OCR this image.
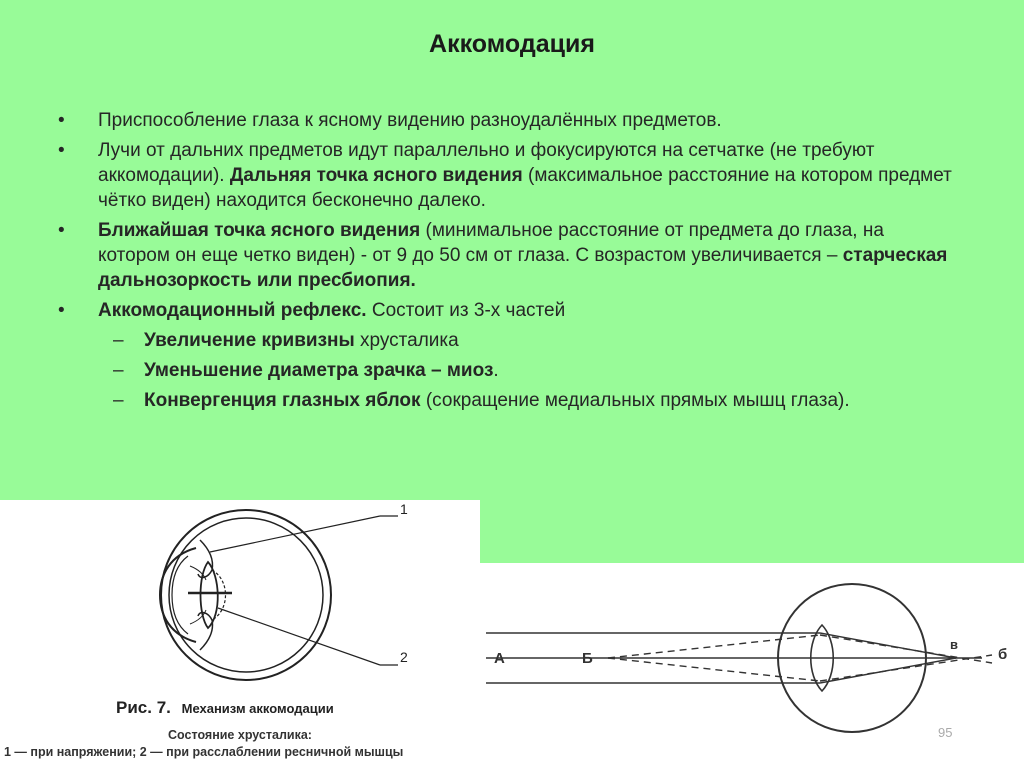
Аккомодация
•	Приспособление глаза к ясному видению разноудалённых предметов.
•	Лучи от дальних предметов идут параллельно и фокусируются на сетчатке (не требуют аккомодации). Дальняя точка ясного видения (максимальное расстояние на котором предмет чётко виден) находится бесконечно далеко.
•	Ближайшая точка ясного видения (минимальное расстояние от предмета до глаза, на котором он еще четко виден) - от 9 до 50 см от глаза. С возрастом увеличивается – старческая дальнозоркость или пресбиопия.
•	Аккомодационный рефлекс. Состоит из 3-х частей
– Увеличение кривизны хрусталика
– Уменьшение диаметра зрачка – миоз.
– Конвергенция глазных яблок (сокращение медиальных прямых мышц глаза).
1
2
Рис. 7. Механизм аккомодации
Состояние хрусталика:
1 — при напряжении; 2 — при расслаблении ресничной мышцы
А	Б
в
б
95
